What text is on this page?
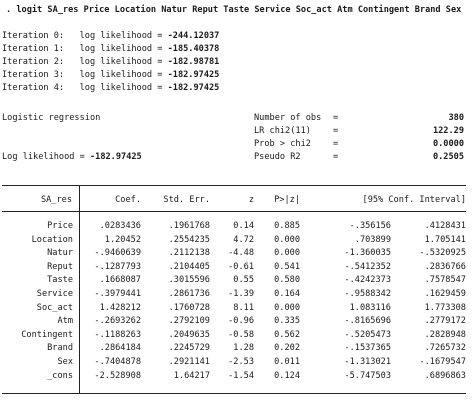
. logit SA_res Price Location Natur Reput Taste Service Soc_act Atm Contingent Brand Sex
Iteration 0: log likelihood = -244.12037
Iteration 1: log likelihood = -185.40378
Iteration 2: log likelihood = -182.98781
Iteration 3: log likelihood = -182.97425
Iteration 4: log likelihood = -182.97425
Logistic regression	Number of obs =	380
LR chi2(11)	=	122.29
Prob > chi2	=	0.0000
Pseudo R2	=	0.2505
Log likelihood = -182.97425
SA_res	Coef.	Std. Err.	z	P>|z|	[95% Conf. Interval]
Price	.0283436	.1961768	0.14	0.885	-.356156	.4128431
Location	1.20452	.2554235	4.72	0.000	.703899	1.705141
Natur	-.9460639	.2112138	-4.48	0.000	-1.360035	-.5320925
Reput	-.1287793	.2104405	-0.61	0.541	-.5412352	.2836766
Taste	.1668087	.3015596	0.55	0.580	-.4242373	.7578547
Service	-.3979441	.2861736	-1.39	0.164	-.9588342	.1629459
Soc_act	1.428212	.1760728	8.11	0.000	1.083116	1.773308
Atm	-.2693262	.2792109	-0.96	0.335	-.8165696	.2779172
Contingent	-.1188263	.2049635	-0.58	0.562	-.5205473	.2828948
Brand	.2864184	.2245729	1.28	0.202	-.1537365	.7265732
Sex	-.7404878	.2921141	-2.53	0.011	-1.313021	-.1679547
_cons	-2.528908	1.64217	-1.54	0.124	-5.747503	.6896863
